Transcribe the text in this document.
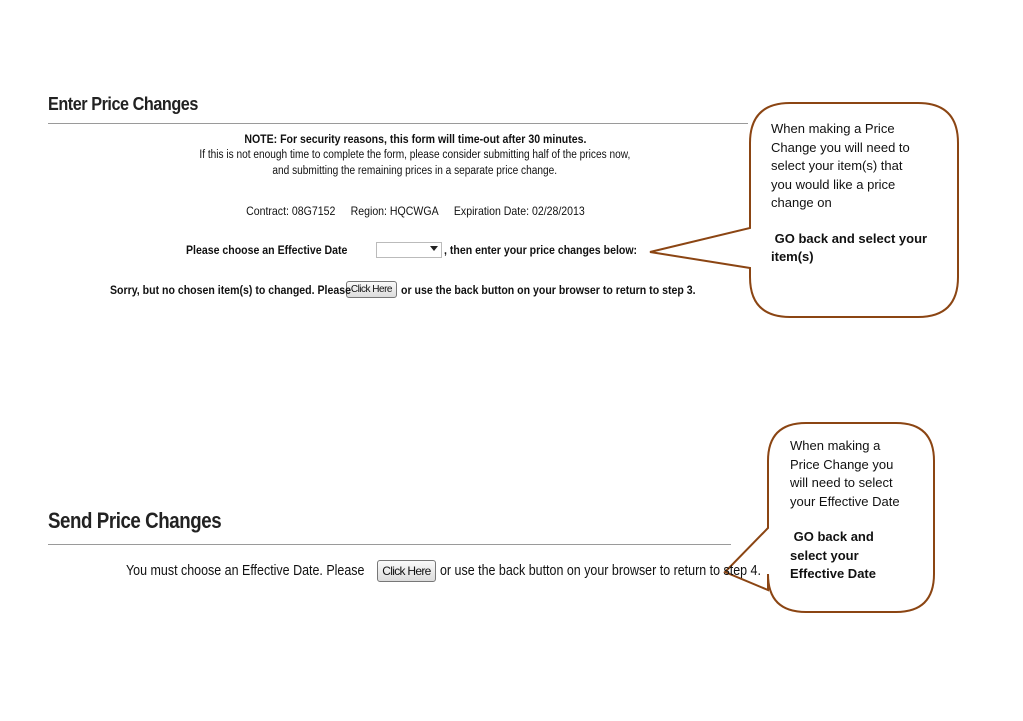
Enter Price Changes
NOTE: For security reasons, this form will time-out after 30 minutes.
If this is not enough time to complete the form, please consider submitting half of the prices now,
and submitting the remaining prices in a separate price change.
Contract: 08G7152 Region: HQCWGA Expiration Date: 02/28/2013
Please choose an Effective Date	, then enter your price changes below:
Sorry, but no chosen item(s) to changed. Please Click Here or use the back button on your browser to return to step 3.
Send Price Changes
You must choose an Effective Date. Please	Click Here or use the back button on your browser to return to step 4.

When making a Price

Change you will need to

select your item(s) that

you would like a price

change on

GO back and select your

item(s)

When making a

Price Change you

will need to select

your Effective Date

GO back and

select your

Effective Date
